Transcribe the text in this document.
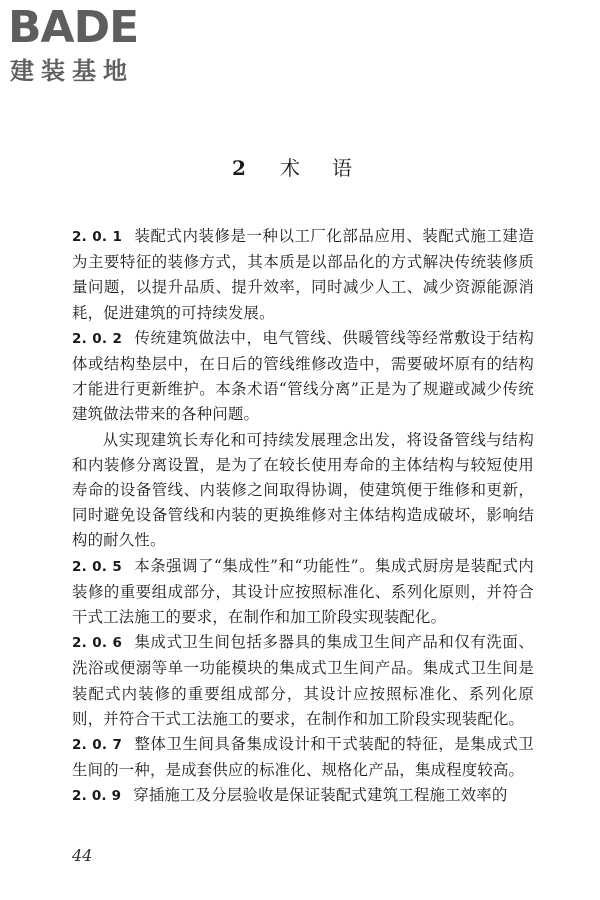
BADE
建装基地
2 术 语

2. 0. 1 装配式内装修是一种以工厂化部品应用、装配式施工建造为主要特征的装修方式，其本质是以部品化的方式解决传统装修质量问题，以提升品质、提升效率，同时减少人工、减少资源能源消耗，促进建筑的可持续发展。

2. 0. 2 传统建筑做法中，电气管线、供暖管线等经常敷设于结构体或结构垫层中，在日后的管线维修改造中，需要破坏原有的结构才能进行更新维护。本条术语“管线分离”正是为了规避或减少传统建筑做法带来的各种问题。

从实现建筑长寿化和可持续发展理念出发，将设备管线与结构和内装修分离设置，是为了在较长使用寿命的主体结构与较短使用寿命的设备管线、内装修之间取得协调，使建筑便于维修和更新，同时避免设备管线和内装的更换维修对主体结构造成破坏，影响结构的耐久性。

2. 0. 5 本条强调了“集成性”和“功能性”。集成式厨房是装配式内装修的重要组成部分，其设计应按照标准化、系列化原则，并符合干式工法施工的要求，在制作和加工阶段实现装配化。

2. 0. 6 集成式卫生间包括多器具的集成卫生间产品和仅有洗面、洗浴或便溺等单一功能模块的集成式卫生间产品。集成式卫生间是装配式内装修的重要组成部分，其设计应按照标准化、系列化原则，并符合干式工法施工的要求，在制作和加工阶段实现装配化。

2. 0. 7 整体卫生间具备集成设计和干式装配的特征，是集成式卫生间的一种，是成套供应的标准化、规格化产品，集成程度较高。

2. 0. 9 穿插施工及分层验收是保证装配式建筑工程施工效率的

44
